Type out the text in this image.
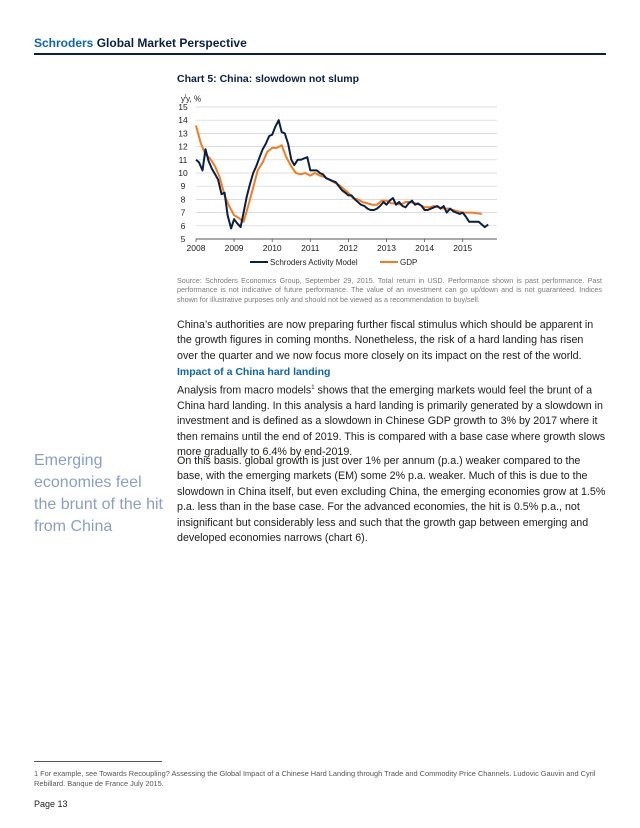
Schroders Global Market Perspective
Chart 5: China: slowdown not slump
$y^ly$, %
5
6
7
8
9
10
11
12
13
14
15
2008 2009 2010 2011 2012 2013 2014 2015
Schroders Activity Model	GDP
Source: Schroders Economics Group, September 29, 2015. Total return in USD. Performance shown is past performance. Past performance is not indicative of future performance. The value of an investment can go up/down and is not guaranteed. Indices shown for illustrative purposes only and should not be viewed as a recommendation to buy/sell.
China’s authorities are now preparing further fiscal stimulus which should be apparent in the growth figures in coming months. Nonetheless, the risk of a hard landing has risen over the quarter and we now focus more closely on its impact on the rest of the world.
Impact of a China hard landing
Analysis from macro models$^1$ shows that the emerging markets would feel the brunt of a China hard landing. In this analysis a hard landing is primarily generated by a slowdown in investment and is defined as a slowdown in Chinese GDP growth to 3% by 2017 where it then remains until the end of 2019. This is compared with a base case where growth slows more gradually to 6.4% by end-2019.
On this basis. global growth is just over 1% per annum (p.a.) weaker compared to the base, with the emerging markets (EM) some 2% p.a. weaker. Much of this is due to the slowdown in China itself, but even excluding China, the emerging economies grow at 1.5% p.a. less than in the base case. For the advanced economies, the hit is 0.5% p.a., not insignificant but considerably less and such that the growth gap between emerging and developed economies narrows (chart 6).
Emerging economies feel the brunt of the hit from China
1 For example, see Towards Recoupling? Assessing the Global Impact of a Chinese Hard Landing through Trade and Commodity Price Channels. Ludovic Gauvin and Cyril Rebillard. Banque de France July 2015.
Page 13
